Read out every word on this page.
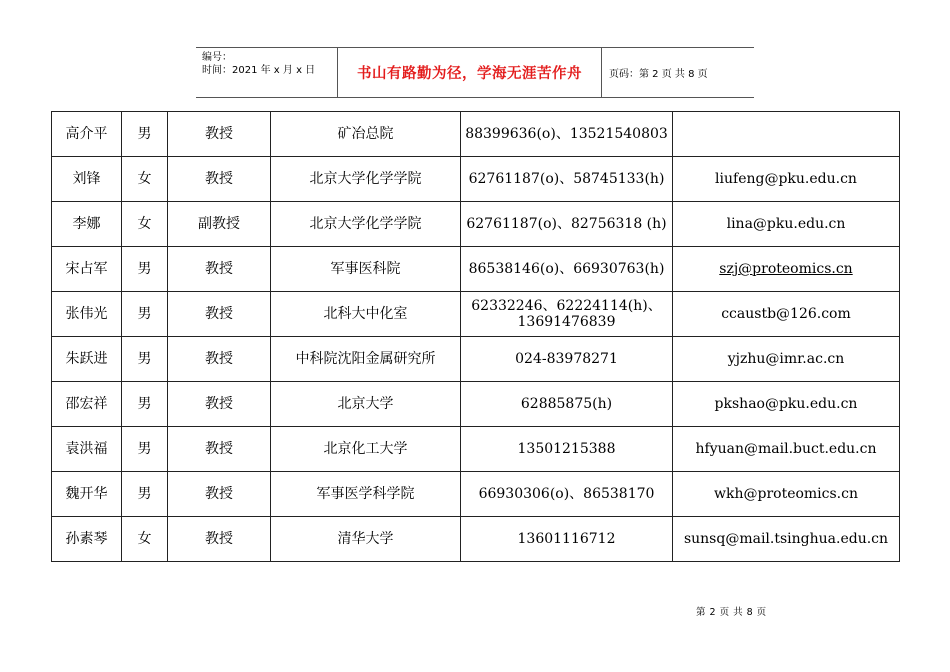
编号：
时间：2021 年 x 月 x 日	书山有路勤为径，学海无涯苦作舟	页码：第 2 页 共 8 页
高介平	男	教授	矿冶总院	88399636(o)、13521540803	
刘锋	女	教授	北京大学化学学院	62761187(o)、58745133(h)	liufeng@pku.edu.cn
李娜	女	副教授	北京大学化学学院	62761187(o)、82756318 (h)	lina@pku.edu.cn
宋占军	男	教授	军事医科院	86538146(o)、66930763(h)	szj@proteomics.cn
张伟光	男	教授	北科大中化室	62332246、62224114(h)、13691476839	ccaustb@126.com
朱跃进	男	教授	中科院沈阳金属研究所	024-83978271	yjzhu@imr.ac.cn
邵宏祥	男	教授	北京大学	62885875(h)	pkshao@pku.edu.cn
袁洪福	男	教授	北京化工大学	13501215388	hfyuan@mail.buct.edu.cn
魏开华	男	教授	军事医学科学院	66930306(o)、86538170	wkh@proteomics.cn
孙素琴	女	教授	清华大学	13601116712	sunsq@mail.tsinghua.edu.cn
第 2 页 共 8 页
